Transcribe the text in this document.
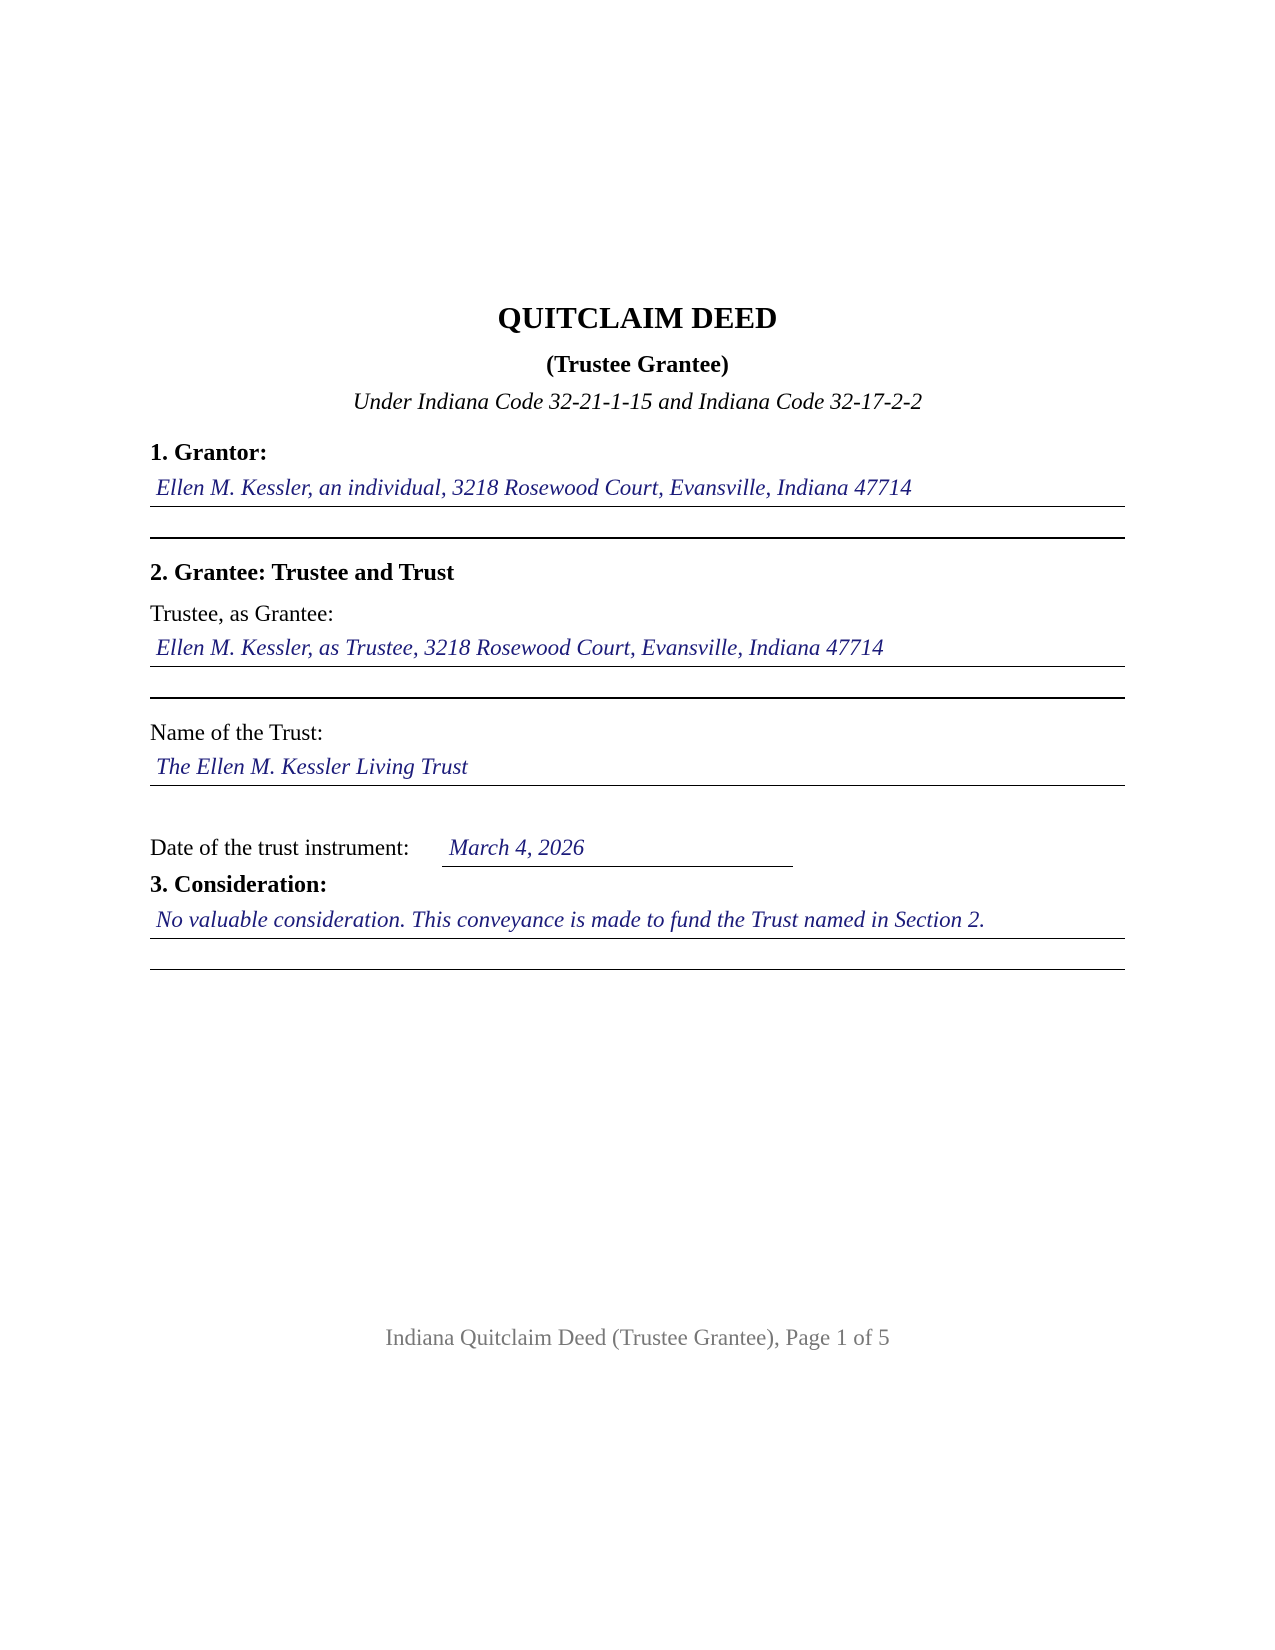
QUITCLAIM DEED
(Trustee Grantee)
Under Indiana Code 32-21-1-15 and Indiana Code 32-17-2-2
1. Grantor:
Ellen M. Kessler, an individual, 3218 Rosewood Court, Evansville, Indiana 47714
2. Grantee: Trustee and Trust
Trustee, as Grantee:
Ellen M. Kessler, as Trustee, 3218 Rosewood Court, Evansville, Indiana 47714
Name of the Trust:
The Ellen M. Kessler Living Trust
Date of the trust instrument: March 4, 2026
3. Consideration:
No valuable consideration. This conveyance is made to fund the Trust named in Section 2.
Indiana Quitclaim Deed (Trustee Grantee), Page 1 of 5
